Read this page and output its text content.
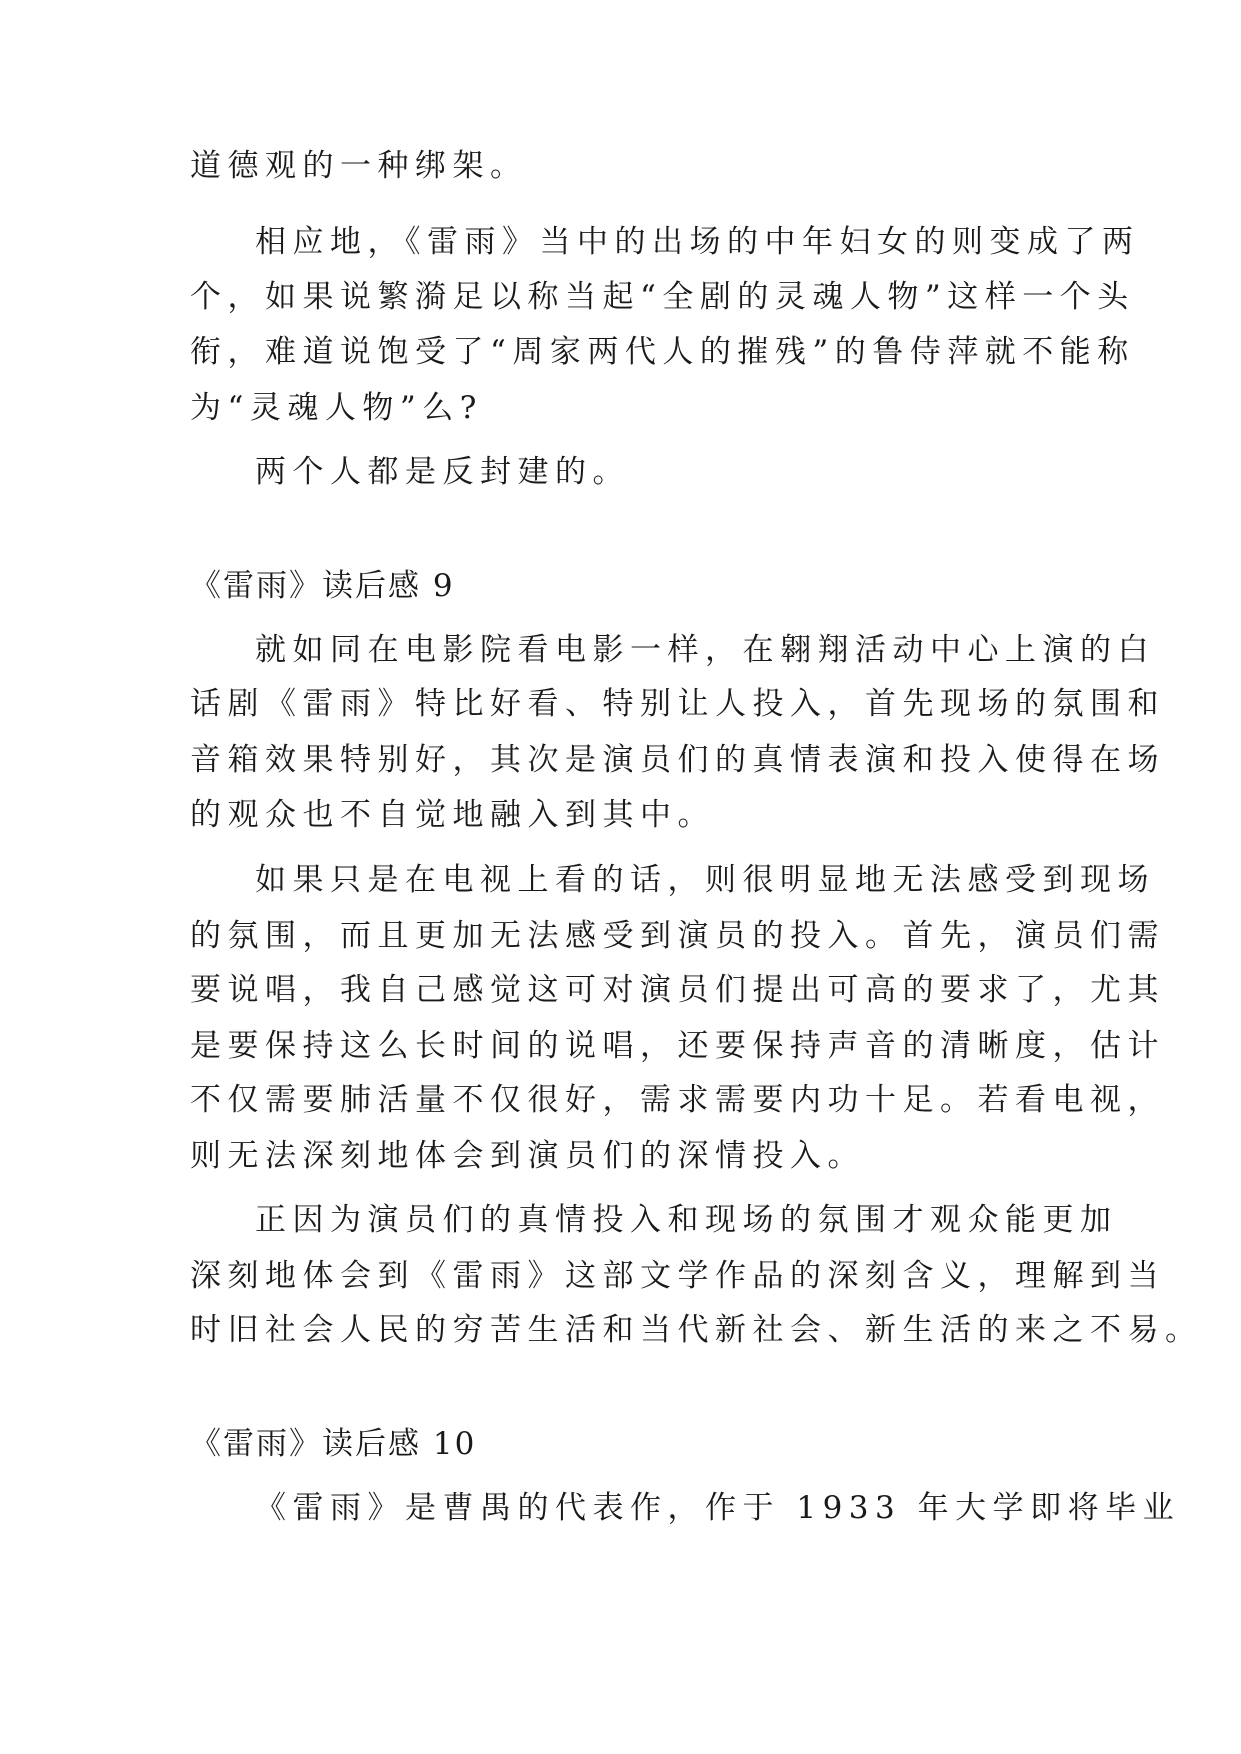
道德观的一种绑架。

相应地，《雷雨》当中的出场的中年妇女的则变成了两

个，如果说繁漪足以称当起“全剧的灵魂人物”这样一个头

衔，难道说饱受了“周家两代人的摧残”的鲁侍萍就不能称

为“灵魂人物”么?

两个人都是反封建的。

《雷雨》读后感 9

就如同在电影院看电影一样，在翱翔活动中心上演的白

话剧《雷雨》特比好看、特别让人投入，首先现场的氛围和

音箱效果特别好，其次是演员们的真情表演和投入使得在场

的观众也不自觉地融入到其中。

如果只是在电视上看的话，则很明显地无法感受到现场

的氛围，而且更加无法感受到演员的投入。首先，演员们需

要说唱，我自己感觉这可对演员们提出可高的要求了，尤其

是要保持这么长时间的说唱，还要保持声音的清晰度，估计

不仅需要肺活量不仅很好，需求需要内功十足。若看电视，

则无法深刻地体会到演员们的深情投入。

正因为演员们的真情投入和现场的氛围才观众能更加

深刻地体会到《雷雨》这部文学作品的深刻含义，理解到当

时旧社会人民的穷苦生活和当代新社会、新生活的来之不易。

《雷雨》读后感 10

《雷雨》是曹禺的代表作，作于 1933 年大学即将毕业
